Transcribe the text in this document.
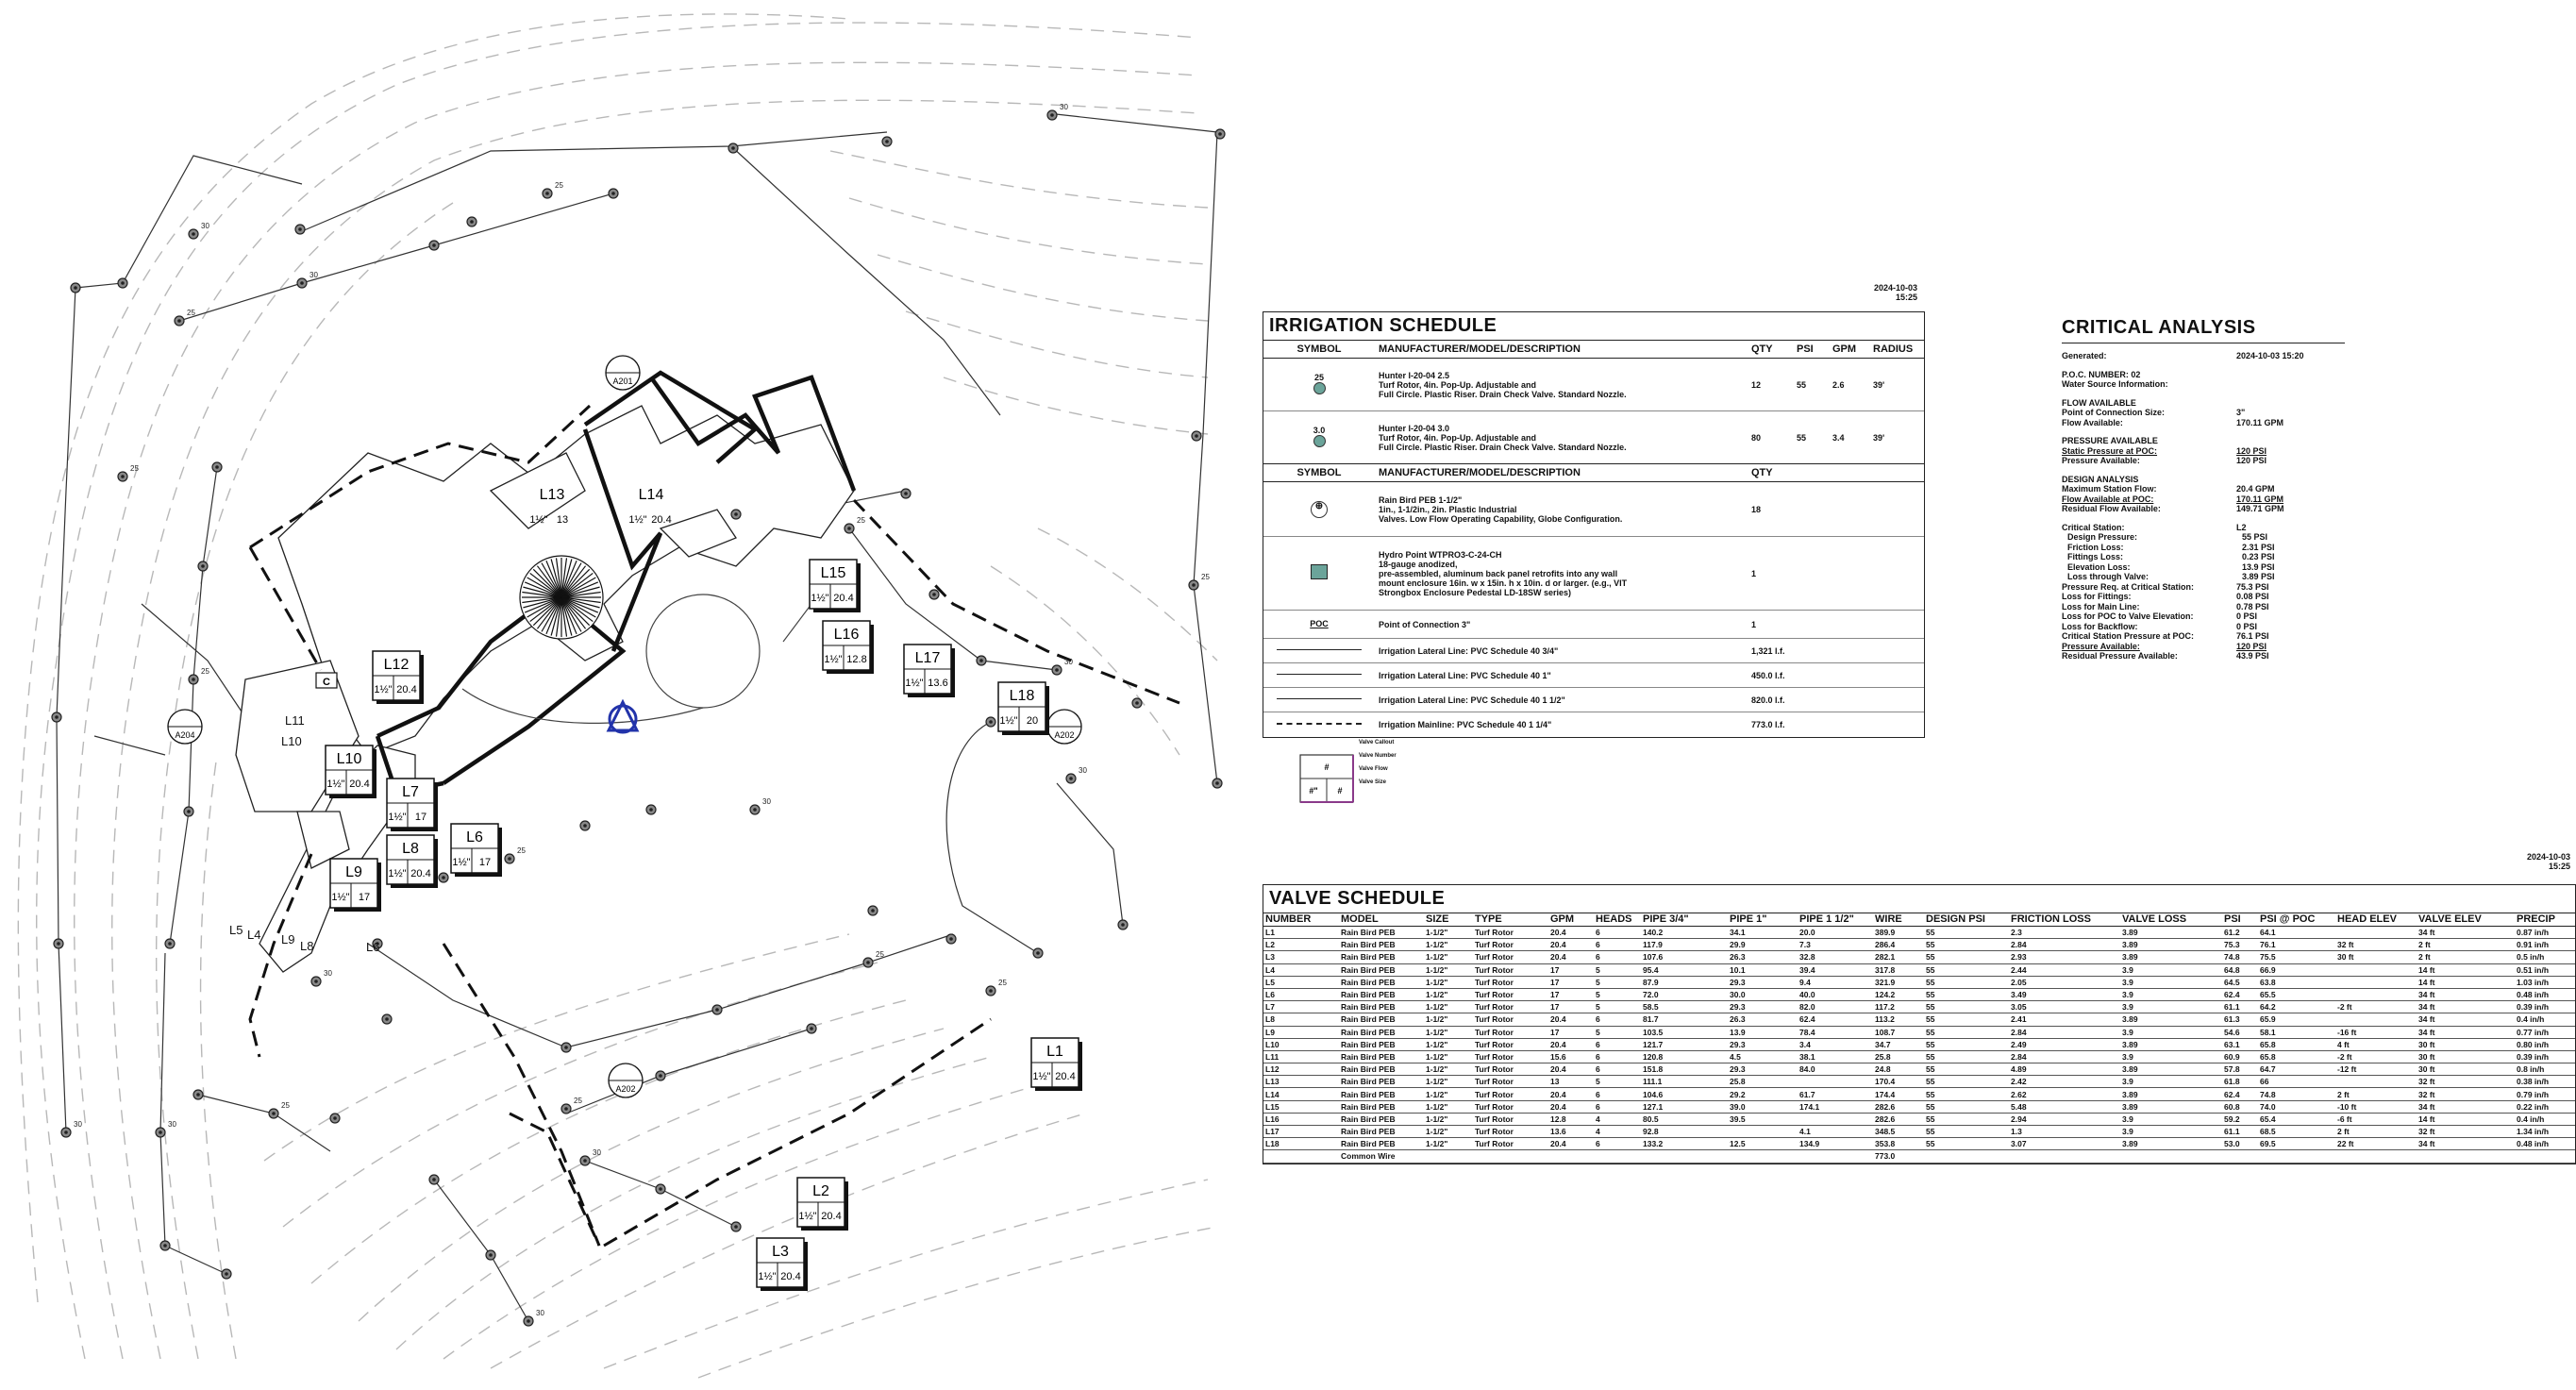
30
25
30
25
30
25
30
25
30
25
30
25
30
25
30
25
30
25
30
25
30
25
A201
A202
A202
A204
L1
1½" 20.4
L2
1½" 20.4
L3
1½" 20.4
L6
1½" 17
L7
1½" 17
L8
1½" 20.4
L9
1½" 17
L10
1½" 20.4
L12
1½" 20.4
L15
1½" 20.4
L16
1½" 12.8	L17
1½" 13.6
L18
1½" 20
L13
1½" 13
L14
1½" 20.4
L11
L10
L9 L8	L6
L5 L4
C
2024-10-03
15:25
IRRIGATION SCHEDULE
SYMBOL	MANUFACTURER/MODEL/DESCRIPTION	QTY	PSI	GPM	RADIUS

25	Hunter I-20-04 2.5
Turf Rotor, 4in. Pop-Up. Adjustable and
Full Circle. Plastic Riser. Drain Check Valve. Standard Nozzle.	12	55	2.6	39'

3.0	Hunter I-20-04 3.0
Turf Rotor, 4in. Pop-Up. Adjustable and
Full Circle. Plastic Riser. Drain Check Valve. Standard Nozzle.	80	55	3.4	39'
SYMBOL	MANUFACTURER/MODEL/DESCRIPTION	QTY			
⊕	Rain Bird PEB 1-1/2"
1in., 1-1/2in., 2in. Plastic Industrial
Valves. Low Flow Operating Capability, Globe Configuration.	18			

	Hydro Point WTPRO3-C-24-CH
18-gauge anodized,
pre-assembled, aluminum back panel retrofits into any wall
mount enclosure 16in. w x 15in. h x 10in. d or larger. (e.g., VIT
Strongbox Enclosure Pedestal LD-18SW series)	1			
POC	Point of Connection 3"	1			

	Irrigation Lateral Line: PVC Schedule 40 3/4"	1,321 l.f.			

	Irrigation Lateral Line: PVC Schedule 40 1"	450.0 l.f.			

	Irrigation Lateral Line: PVC Schedule 40 1 1/2"	820.0 l.f.			

	Irrigation Mainline: PVC Schedule 40 1 1/4"	773.0 l.f.			
#
#" #
Valve Callout
Valve Number
Valve Flow
Valve Size
CRITICAL ANALYSIS
Generated:	2024-10-03 15:20
P.O.C. NUMBER: 02
Water Source Information:
FLOW AVAILABLE
Point of Connection Size:	3"
Flow Available:	170.11 GPM
PRESSURE AVAILABLE
Static Pressure at POC:	120 PSI
Pressure Available:	120 PSI
DESIGN ANALYSIS
Maximum Station Flow:	20.4 GPM
Flow Available at POC:	170.11 GPM
Residual Flow Available:	149.71 GPM
Critical Station:	L2
Design Pressure:	55 PSI
Friction Loss:	2.31 PSI
Fittings Loss:	0.23 PSI
Elevation Loss:	13.9 PSI
Loss through Valve:	3.89 PSI
Pressure Req. at Critical Station:	75.3 PSI
Loss for Fittings:	0.08 PSI
Loss for Main Line:	0.78 PSI
Loss for POC to Valve Elevation:	0 PSI
Loss for Backflow:	0 PSI
Critical Station Pressure at POC:	76.1 PSI
Pressure Available:	120 PSI
Residual Pressure Available:	43.9 PSI
2024-10-03
15:25
VALVE SCHEDULE
NUMBER	MODEL	SIZE	TYPE	GPM	HEADS	PIPE 3/4"	PIPE 1"	PIPE 1 1/2"	WIRE	DESIGN PSI	FRICTION LOSS	VALVE LOSS	PSI	PSI @ POC	HEAD ELEV	VALVE ELEV	PRECIP
L1	Rain Bird PEB	1-1/2"	Turf Rotor	20.4	6	140.2	34.1	20.0	389.9	55	2.3	3.89	61.2	64.1		34 ft	0.87 in/h
L2	Rain Bird PEB	1-1/2"	Turf Rotor	20.4	6	117.9	29.9	7.3	286.4	55	2.84	3.89	75.3	76.1	32 ft	2 ft	0.91 in/h
L3	Rain Bird PEB	1-1/2"	Turf Rotor	20.4	6	107.6	26.3	32.8	282.1	55	2.93	3.89	74.8	75.5	30 ft	2 ft	0.5 in/h
L4	Rain Bird PEB	1-1/2"	Turf Rotor	17	5	95.4	10.1	39.4	317.8	55	2.44	3.9	64.8	66.9		14 ft	0.51 in/h
L5	Rain Bird PEB	1-1/2"	Turf Rotor	17	5	87.9	29.3	9.4	321.9	55	2.05	3.9	64.5	63.8		14 ft	1.03 in/h
L6	Rain Bird PEB	1-1/2"	Turf Rotor	17	5	72.0	30.0	40.0	124.2	55	3.49	3.9	62.4	65.5		34 ft	0.48 in/h
L7	Rain Bird PEB	1-1/2"	Turf Rotor	17	5	58.5	29.3	82.0	117.2	55	3.05	3.9	61.1	64.2	-2 ft	34 ft	0.39 in/h
L8	Rain Bird PEB	1-1/2"	Turf Rotor	20.4	6	81.7	26.3	62.4	113.2	55	2.41	3.89	61.3	65.9		34 ft	0.4 in/h
L9	Rain Bird PEB	1-1/2"	Turf Rotor	17	5	103.5	13.9	78.4	108.7	55	2.84	3.9	54.6	58.1	-16 ft	34 ft	0.77 in/h
L10	Rain Bird PEB	1-1/2"	Turf Rotor	20.4	6	121.7	29.3	3.4	34.7	55	2.49	3.89	63.1	65.8	4 ft	30 ft	0.80 in/h
L11	Rain Bird PEB	1-1/2"	Turf Rotor	15.6	6	120.8	4.5	38.1	25.8	55	2.84	3.9	60.9	65.8	-2 ft	30 ft	0.39 in/h
L12	Rain Bird PEB	1-1/2"	Turf Rotor	20.4	6	151.8	29.3	84.0	24.8	55	4.89	3.89	57.8	64.7	-12 ft	30 ft	0.8 in/h
L13	Rain Bird PEB	1-1/2"	Turf Rotor	13	5	111.1	25.8		170.4	55	2.42	3.9	61.8	66		32 ft	0.38 in/h
L14	Rain Bird PEB	1-1/2"	Turf Rotor	20.4	6	104.6	29.2	61.7	174.4	55	2.62	3.89	62.4	74.8	2 ft	32 ft	0.79 in/h
L15	Rain Bird PEB	1-1/2"	Turf Rotor	20.4	6	127.1	39.0	174.1	282.6	55	5.48	3.89	60.8	74.0	-10 ft	34 ft	0.22 in/h
L16	Rain Bird PEB	1-1/2"	Turf Rotor	12.8	4	80.5	39.5		282.6	55	2.94	3.9	59.2	65.4	-6 ft	14 ft	0.4 in/h
L17	Rain Bird PEB	1-1/2"	Turf Rotor	13.6	4	92.8		4.1	348.5	55	1.3	3.9	61.1	68.5	2 ft	32 ft	1.34 in/h
L18	Rain Bird PEB	1-1/2"	Turf Rotor	20.4	6	133.2	12.5	134.9	353.8	55	3.07	3.89	53.0	69.5	22 ft	34 ft	0.48 in/h
	Common Wire								773.0								
